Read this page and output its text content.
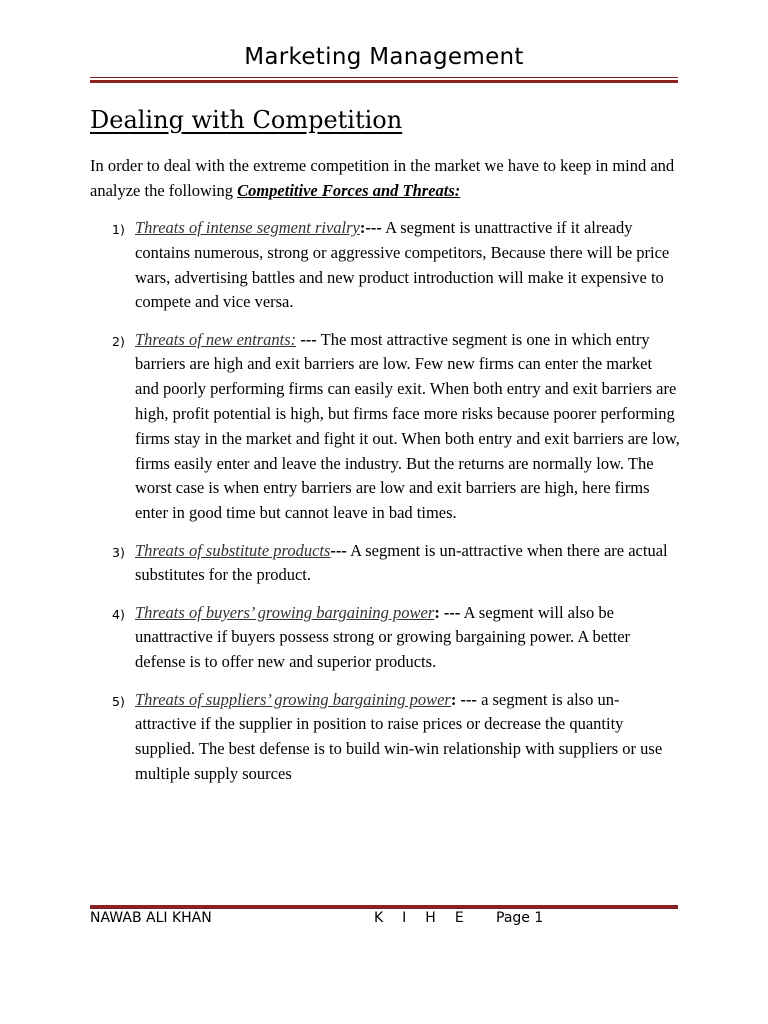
Marketing Management
Dealing with Competition
In order to deal with the extreme competition in the market we have to keep in mind and analyze the following Competitive Forces and Threats:
1) Threats of intense segment rivalry:--- A segment is unattractive if it already contains numerous, strong or aggressive competitors, Because there will be price wars, advertising battles and new product introduction will make it expensive to compete and vice versa.
2) Threats of new entrants: --- The most attractive segment is one in which entry barriers are high and exit barriers are low. Few new firms can enter the market and poorly performing firms can easily exit. When both entry and exit barriers are high, profit potential is high, but firms face more risks because poorer performing firms stay in the market and fight it out. When both entry and exit barriers are low, firms easily enter and leave the industry. But the returns are normally low. The worst case is when entry barriers are low and exit barriers are high, here firms enter in good time but cannot leave in bad times.
3) Threats of substitute products--- A segment is un-attractive when there are actual substitutes for the product.
4) Threats of buyers’ growing bargaining power: --- A segment will also be unattractive if buyers possess strong or growing bargaining power. A better defense is to offer new and superior products.
5) Threats of suppliers’ growing bargaining power: --- a segment is also un-attractive if the supplier in position to raise prices or decrease the quantity supplied. The best defense is to build win-win relationship with suppliers or use multiple supply sources
NAWAB ALI KHAN	KIHE Page 1
